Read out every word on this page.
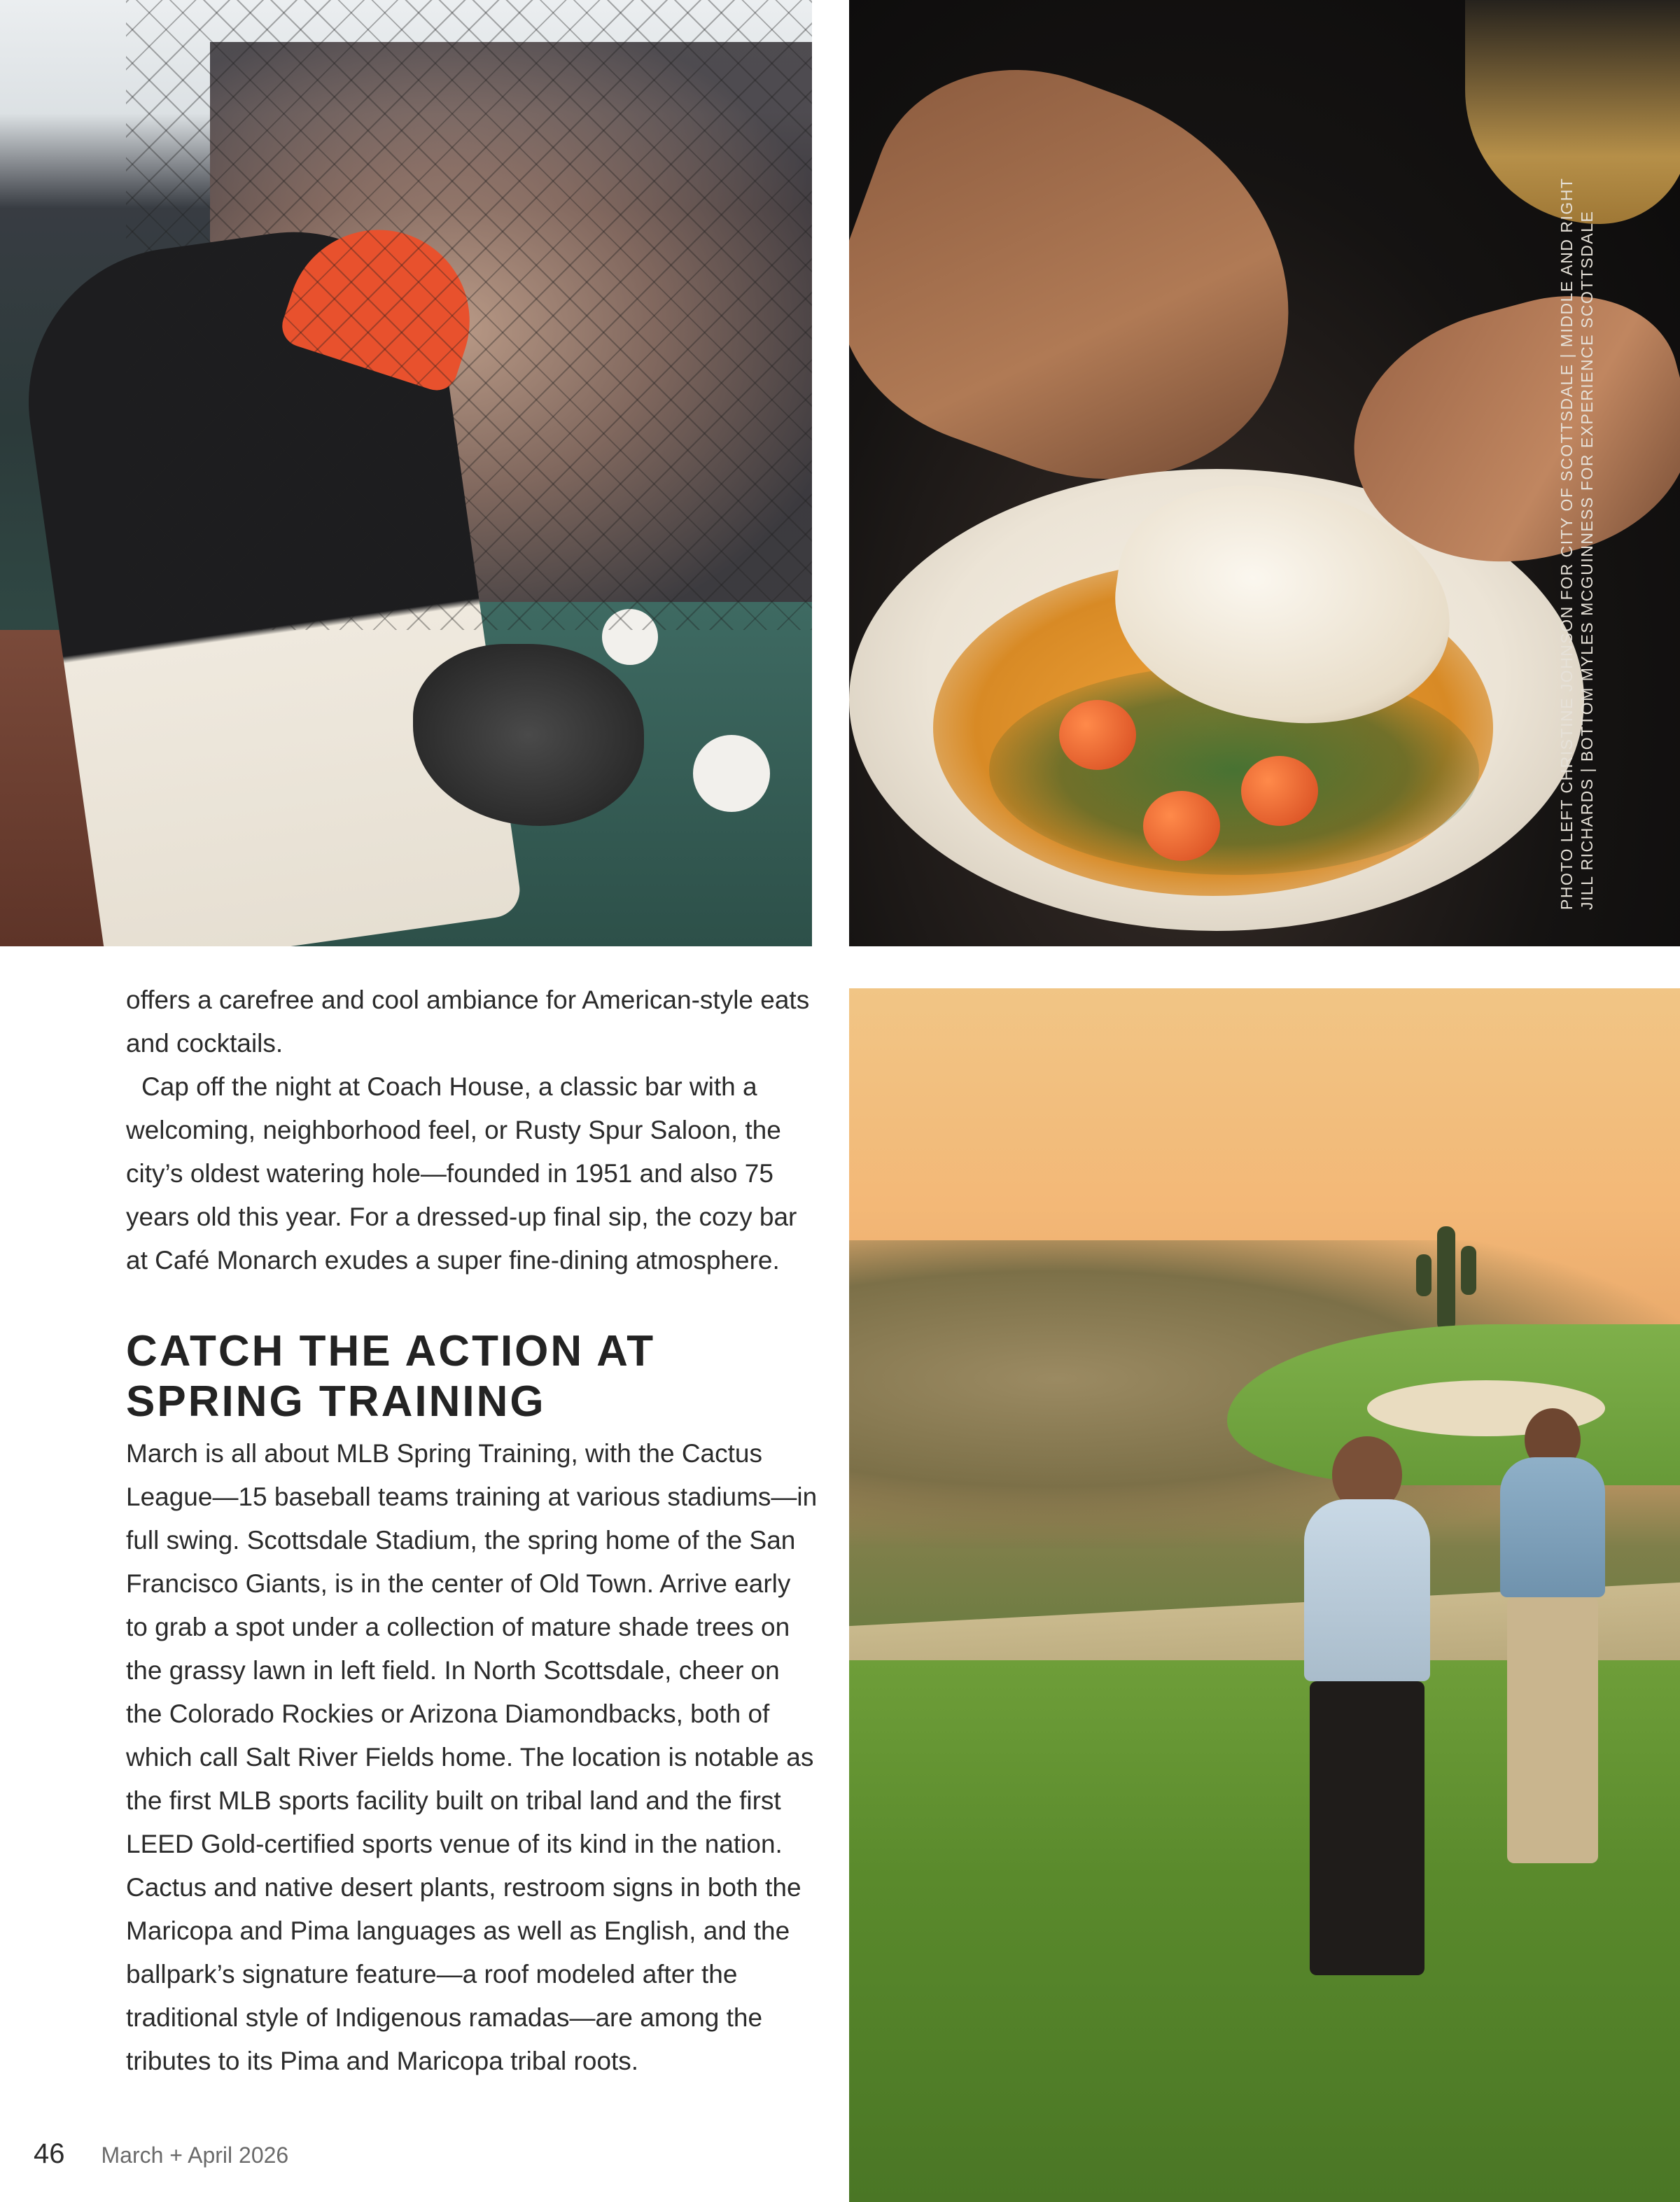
PHOTO LEFT CHRISTINE JOHNSON FOR CITY OF SCOTTSDALE | MIDDLE AND RIGHT JILL RICHARDS | BOTTOM MYLES MCGUINNESS FOR EXPERIENCE SCOTTSDALE

offers a carefree and cool ambiance for American-style eats and cocktails.

Cap off the night at Coach House, a classic bar with a welcoming, neighborhood feel, or Rusty Spur Saloon, the city’s oldest watering hole—founded in 1951 and also 75 years old this year. For a dressed-up final sip, the cozy bar at Café Monarch exudes a super fine-dining atmosphere.

CATCH THE ACTION AT
SPRING TRAINING

March is all about MLB Spring Training, with the Cactus League—15 baseball teams training at various stadiums—in full swing. Scottsdale Stadium, the spring home of the San Francisco Giants, is in the center of Old Town. Arrive early to grab a spot under a collection of mature shade trees on the grassy lawn in left field. In North Scottsdale, cheer on the Colorado Rockies or Arizona Diamondbacks, both of which call Salt River Fields home. The location is notable as the first MLB sports facility built on tribal land and the first LEED Gold-certified sports venue of its kind in the nation. Cactus and native desert plants, restroom signs in both the Maricopa and Pima languages as well as English, and the ballpark’s signature feature—a roof modeled after the traditional style of Indigenous ramadas—are among the tributes to its Pima and Maricopa tribal roots.

46 March + April 2026
